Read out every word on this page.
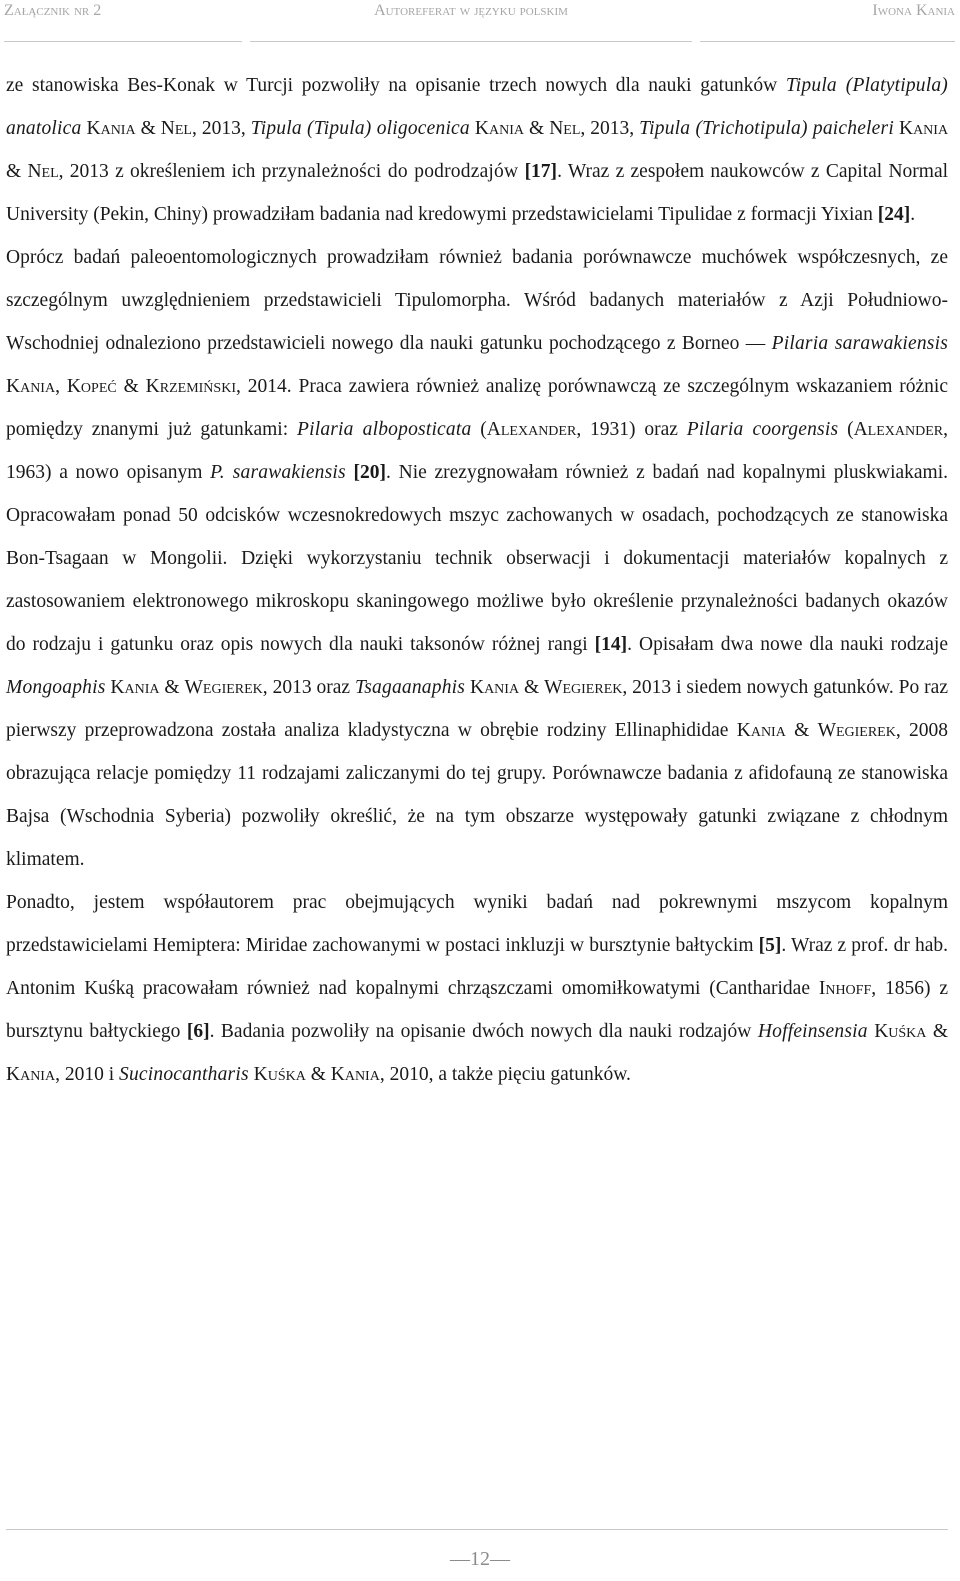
Załącznik nr 2	Autoreferat w języku polskim	Iwona Kania

ze stanowiska Bes-Konak w Turcji pozwoliły na opisanie trzech nowych dla nauki gatunków Tipula (Platytipula) anatolica Kania & Nel, 2013, Tipula (Tipula) oligocenica Kania & Nel, 2013, Tipula (Trichotipula) paicheleri Kania & Nel, 2013 z określeniem ich przynależności do podrodzajów [17]. Wraz z zespołem naukowców z Capital Normal University (Pekin, Chiny) prowadziłam badania nad kredowymi przedstawicielami Tipulidae z formacji Yixian [24].

Oprócz badań paleoentomologicznych prowadziłam również badania porównawcze muchówek współczesnych, ze szczególnym uwzględnieniem przedstawicieli Tipulomorpha. Wśród badanych materiałów z Azji Południowo-Wschodniej odnaleziono przedstawicieli nowego dla nauki gatunku pochodzącego z Borneo ― Pilaria sarawakiensis Kania, Kopeć & Krzemiński, 2014. Praca zawiera również analizę porównawczą ze szczególnym wskazaniem różnic pomiędzy znanymi już gatunkami: Pilaria alboposticata (Alexander, 1931) oraz Pilaria coorgensis (Alexander, 1963) a nowo opisanym P. sarawakiensis [20]. Nie zrezygnowałam również z badań nad kopalnymi pluskwiakami. Opracowałam ponad 50 odcisków wczesnokredowych mszyc zachowanych w osadach, pochodzących ze stanowiska Bon-Tsagaan w Mongolii. Dzięki wykorzystaniu technik obserwacji i dokumentacji materiałów kopalnych z zastosowaniem elektronowego mikroskopu skaningowego możliwe było określenie przynależności badanych okazów do rodzaju i gatunku oraz opis nowych dla nauki taksonów różnej rangi [14]. Opisałam dwa nowe dla nauki rodzaje Mongoaphis Kania & Wegierek, 2013 oraz Tsagaanaphis Kania & Wegierek, 2013 i siedem nowych gatunków. Po raz pierwszy przeprowadzona została analiza kladystyczna w obrębie rodziny Ellinaphididae Kania & Wegierek, 2008 obrazująca relacje pomiędzy 11 rodzajami zaliczanymi do tej grupy. Porównawcze badania z afidofauną ze stanowiska Bajsa (Wschodnia Syberia) pozwoliły określić, że na tym obszarze występowały gatunki związane z chłodnym klimatem.

Ponadto, jestem współautorem prac obejmujących wyniki badań nad pokrewnymi mszycom kopalnym przedstawicielami Hemiptera: Miridae zachowanymi w postaci inkluzji w bursztynie bałtyckim [5]. Wraz z prof. dr hab. Antonim Kuśką pracowałam również nad kopalnymi chrząszczami omomiłkowatymi (Cantharidae Inhoff, 1856) z bursztynu bałtyckiego [6]. Badania pozwoliły na opisanie dwóch nowych dla nauki rodzajów Hoffeinsensia Kuśka & Kania, 2010 i Sucinocantharis Kuśka & Kania, 2010, a także pięciu gatunków.

―12―
